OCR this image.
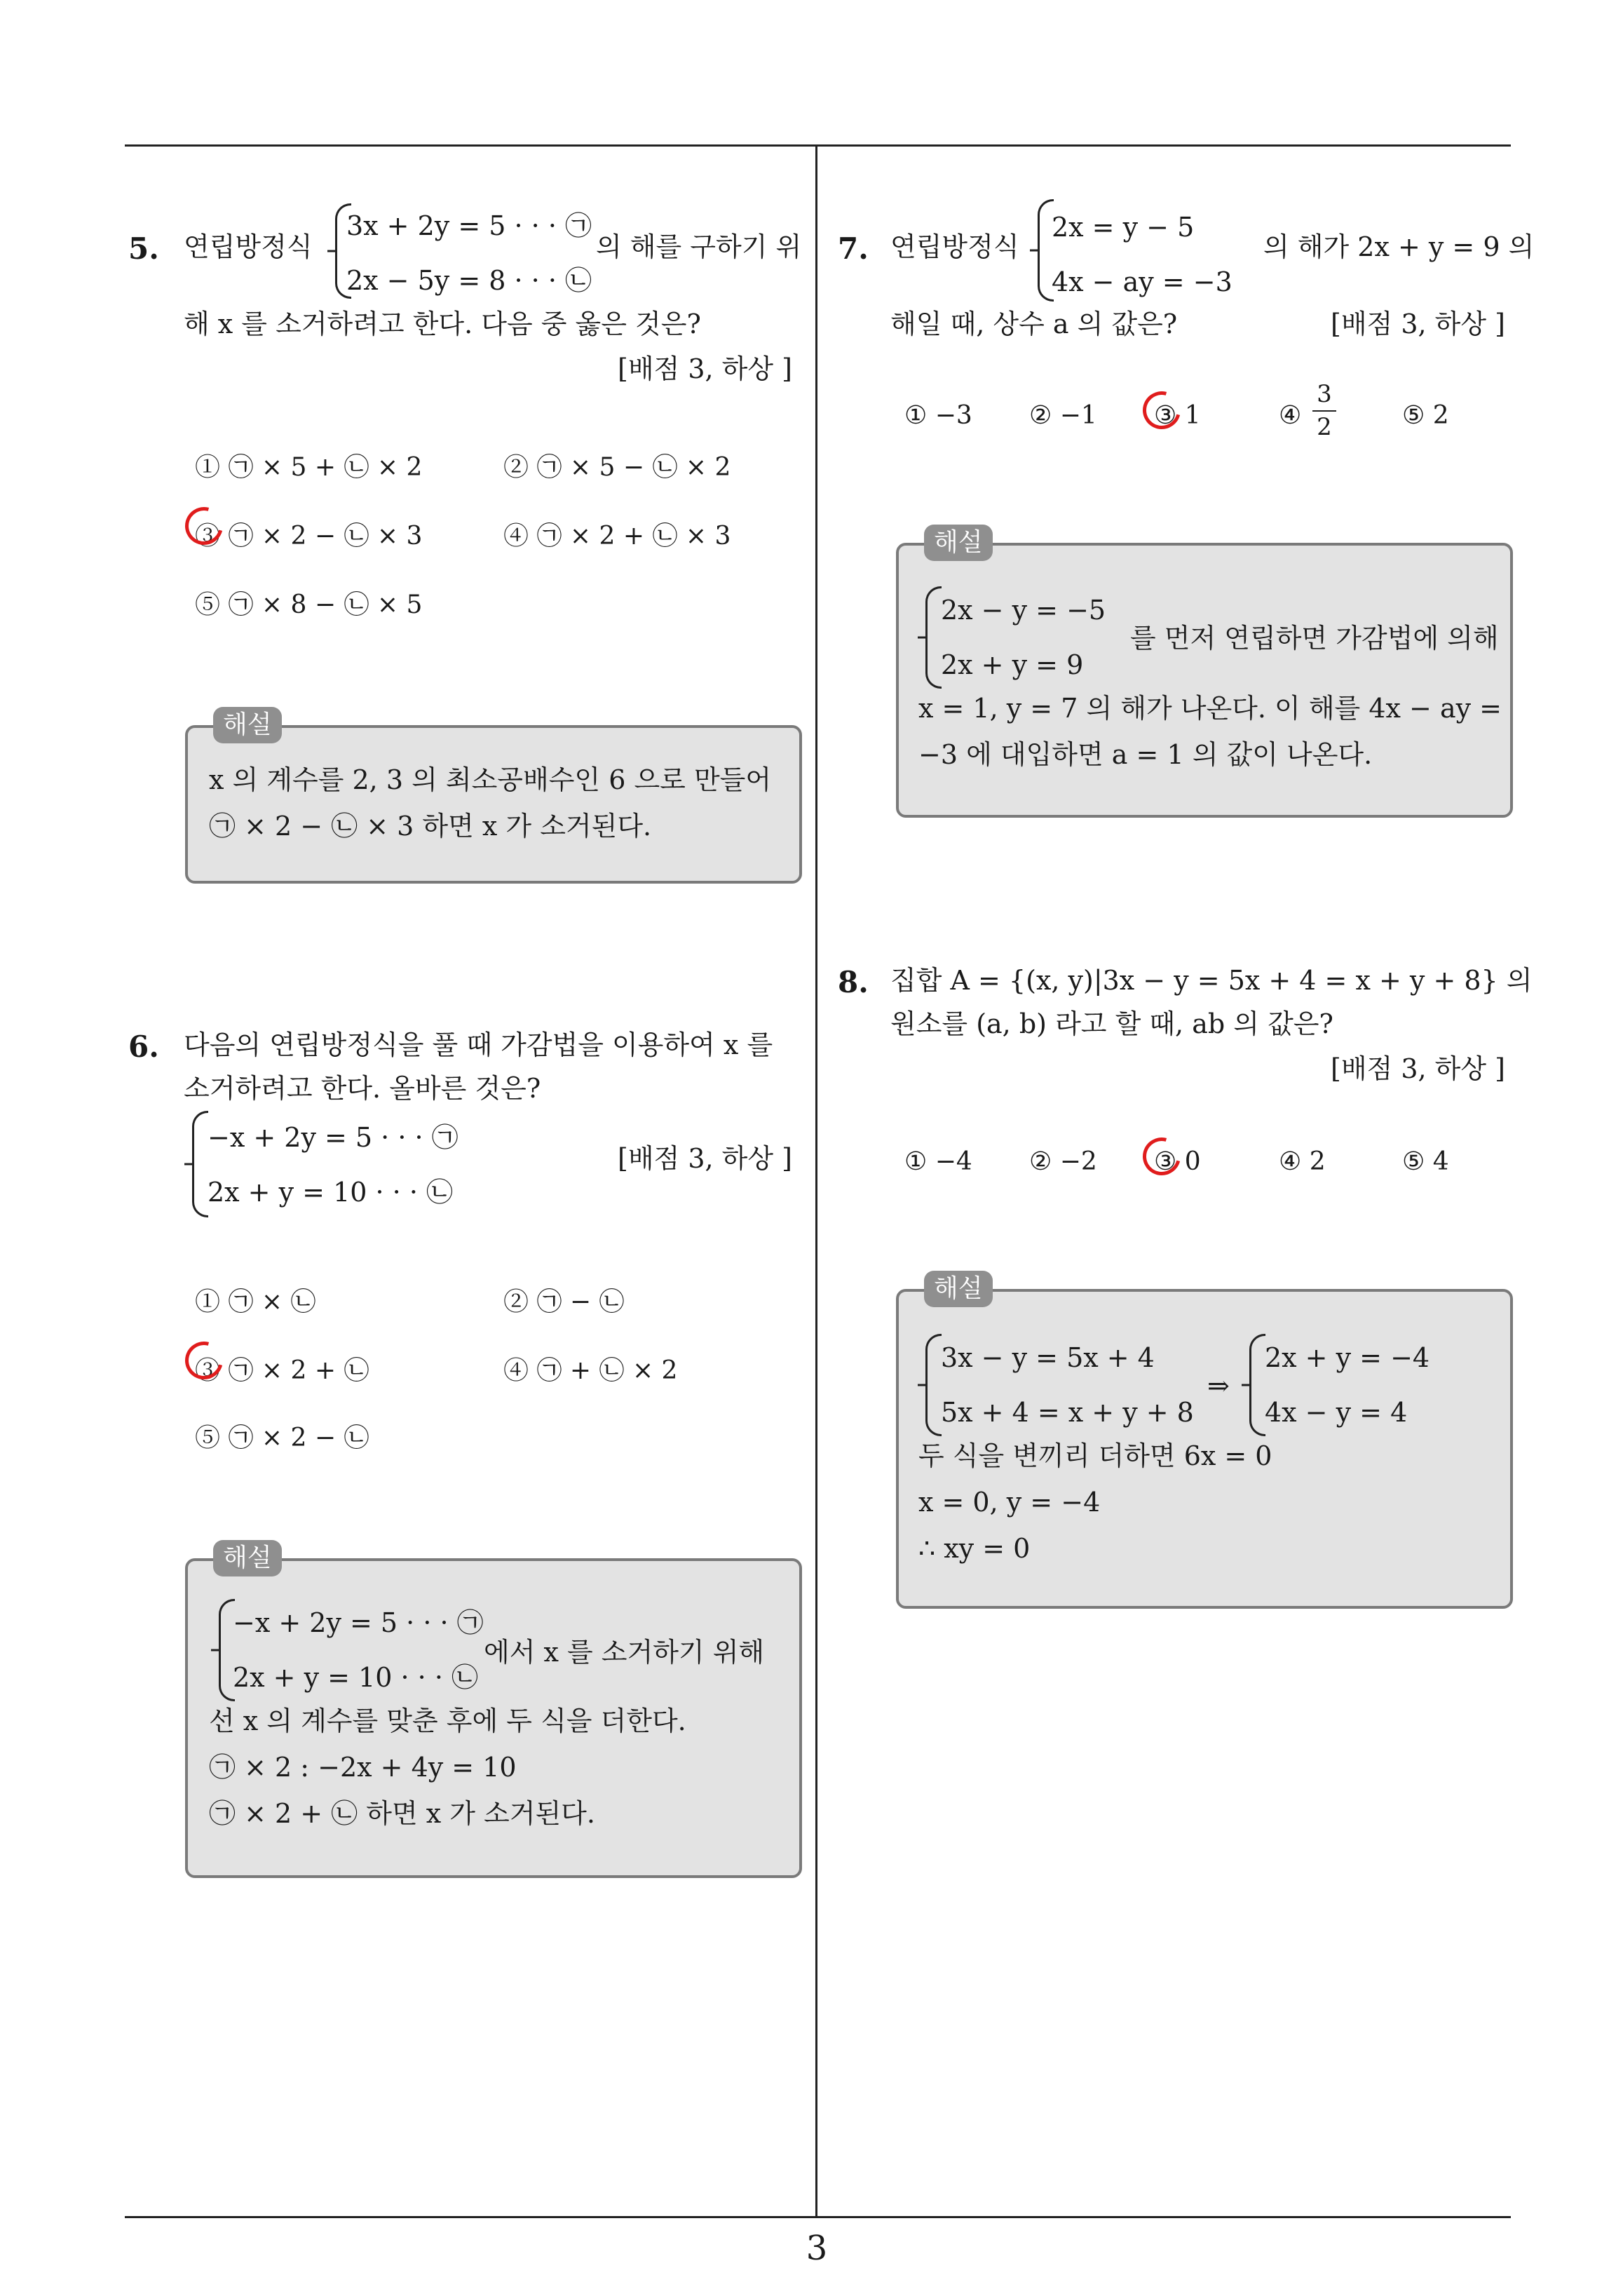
3
5. 연립방정식
3x + 2y = 5 · · · ㉠
2x − 5y = 8 · · · ㉡
의 해를 구하기 위
해 x 를 소거하려고 한다. 다음 중 옳은 것은?
[배점 3, 하상 ]
① ㉠ × 5 + ㉡ × 2	② ㉠ × 5 − ㉡ × 2
③ ㉠ × 2 − ㉡ × 3	④ ㉠ × 2 + ㉡ × 3
⑤ ㉠ × 8 − ㉡ × 5
해설
x 의 계수를 2, 3 의 최소공배수인 6 으로 만들어
㉠ × 2 − ㉡ × 3 하면 x 가 소거된다.
6. 다음의 연립방정식을 풀 때 가감법을 이용하여 x 를
소거하려고 한다. 올바른 것은?
−x + 2y = 5 · · · ㉠
2x + y = 10 · · · ㉡
[배점 3, 하상 ]
① ㉠ × ㉡	② ㉠ − ㉡
③ ㉠ × 2 + ㉡	④ ㉠ + ㉡ × 2
⑤ ㉠ × 2 − ㉡
해설
−x + 2y = 5 · · · ㉠
2x + y = 10 · · · ㉡
에서 x 를 소거하기 위해
선 x 의 계수를 맞춘 후에 두 식을 더한다.
㉠ × 2 : −2x + 4y = 10
㉠ × 2 + ㉡ 하면 x 가 소거된다.
7. 연립방정식
2x = y − 5
4x − ay = −3
의 해가 2x + y = 9 의
해일 때, 상수 a 의 값은?	[배점 3, 하상 ]
① −3 ② −1 ③ 1	④
3
2	⑤ 2
해설
2x − y = −5
2x + y = 9
를 먼저 연립하면 가감법에 의해
x = 1, y = 7 의 해가 나온다. 이 해를 4x − ay =
−3 에 대입하면 a = 1 의 값이 나온다.
8. 집합 A = {(x, y)|3x − y = 5x + 4 = x + y + 8} 의
원소를 (a, b) 라고 할 때, ab 의 값은?
[배점 3, 하상 ]
① −4 ② −2 ③ 0	④ 2	⑤ 4
해설
3x − y = 5x + 4
5x + 4 = x + y + 8
⇒
2x + y = −4
4x − y = 4
두 식을 변끼리 더하면 6x = 0
x = 0, y = −4
∴ xy = 0
